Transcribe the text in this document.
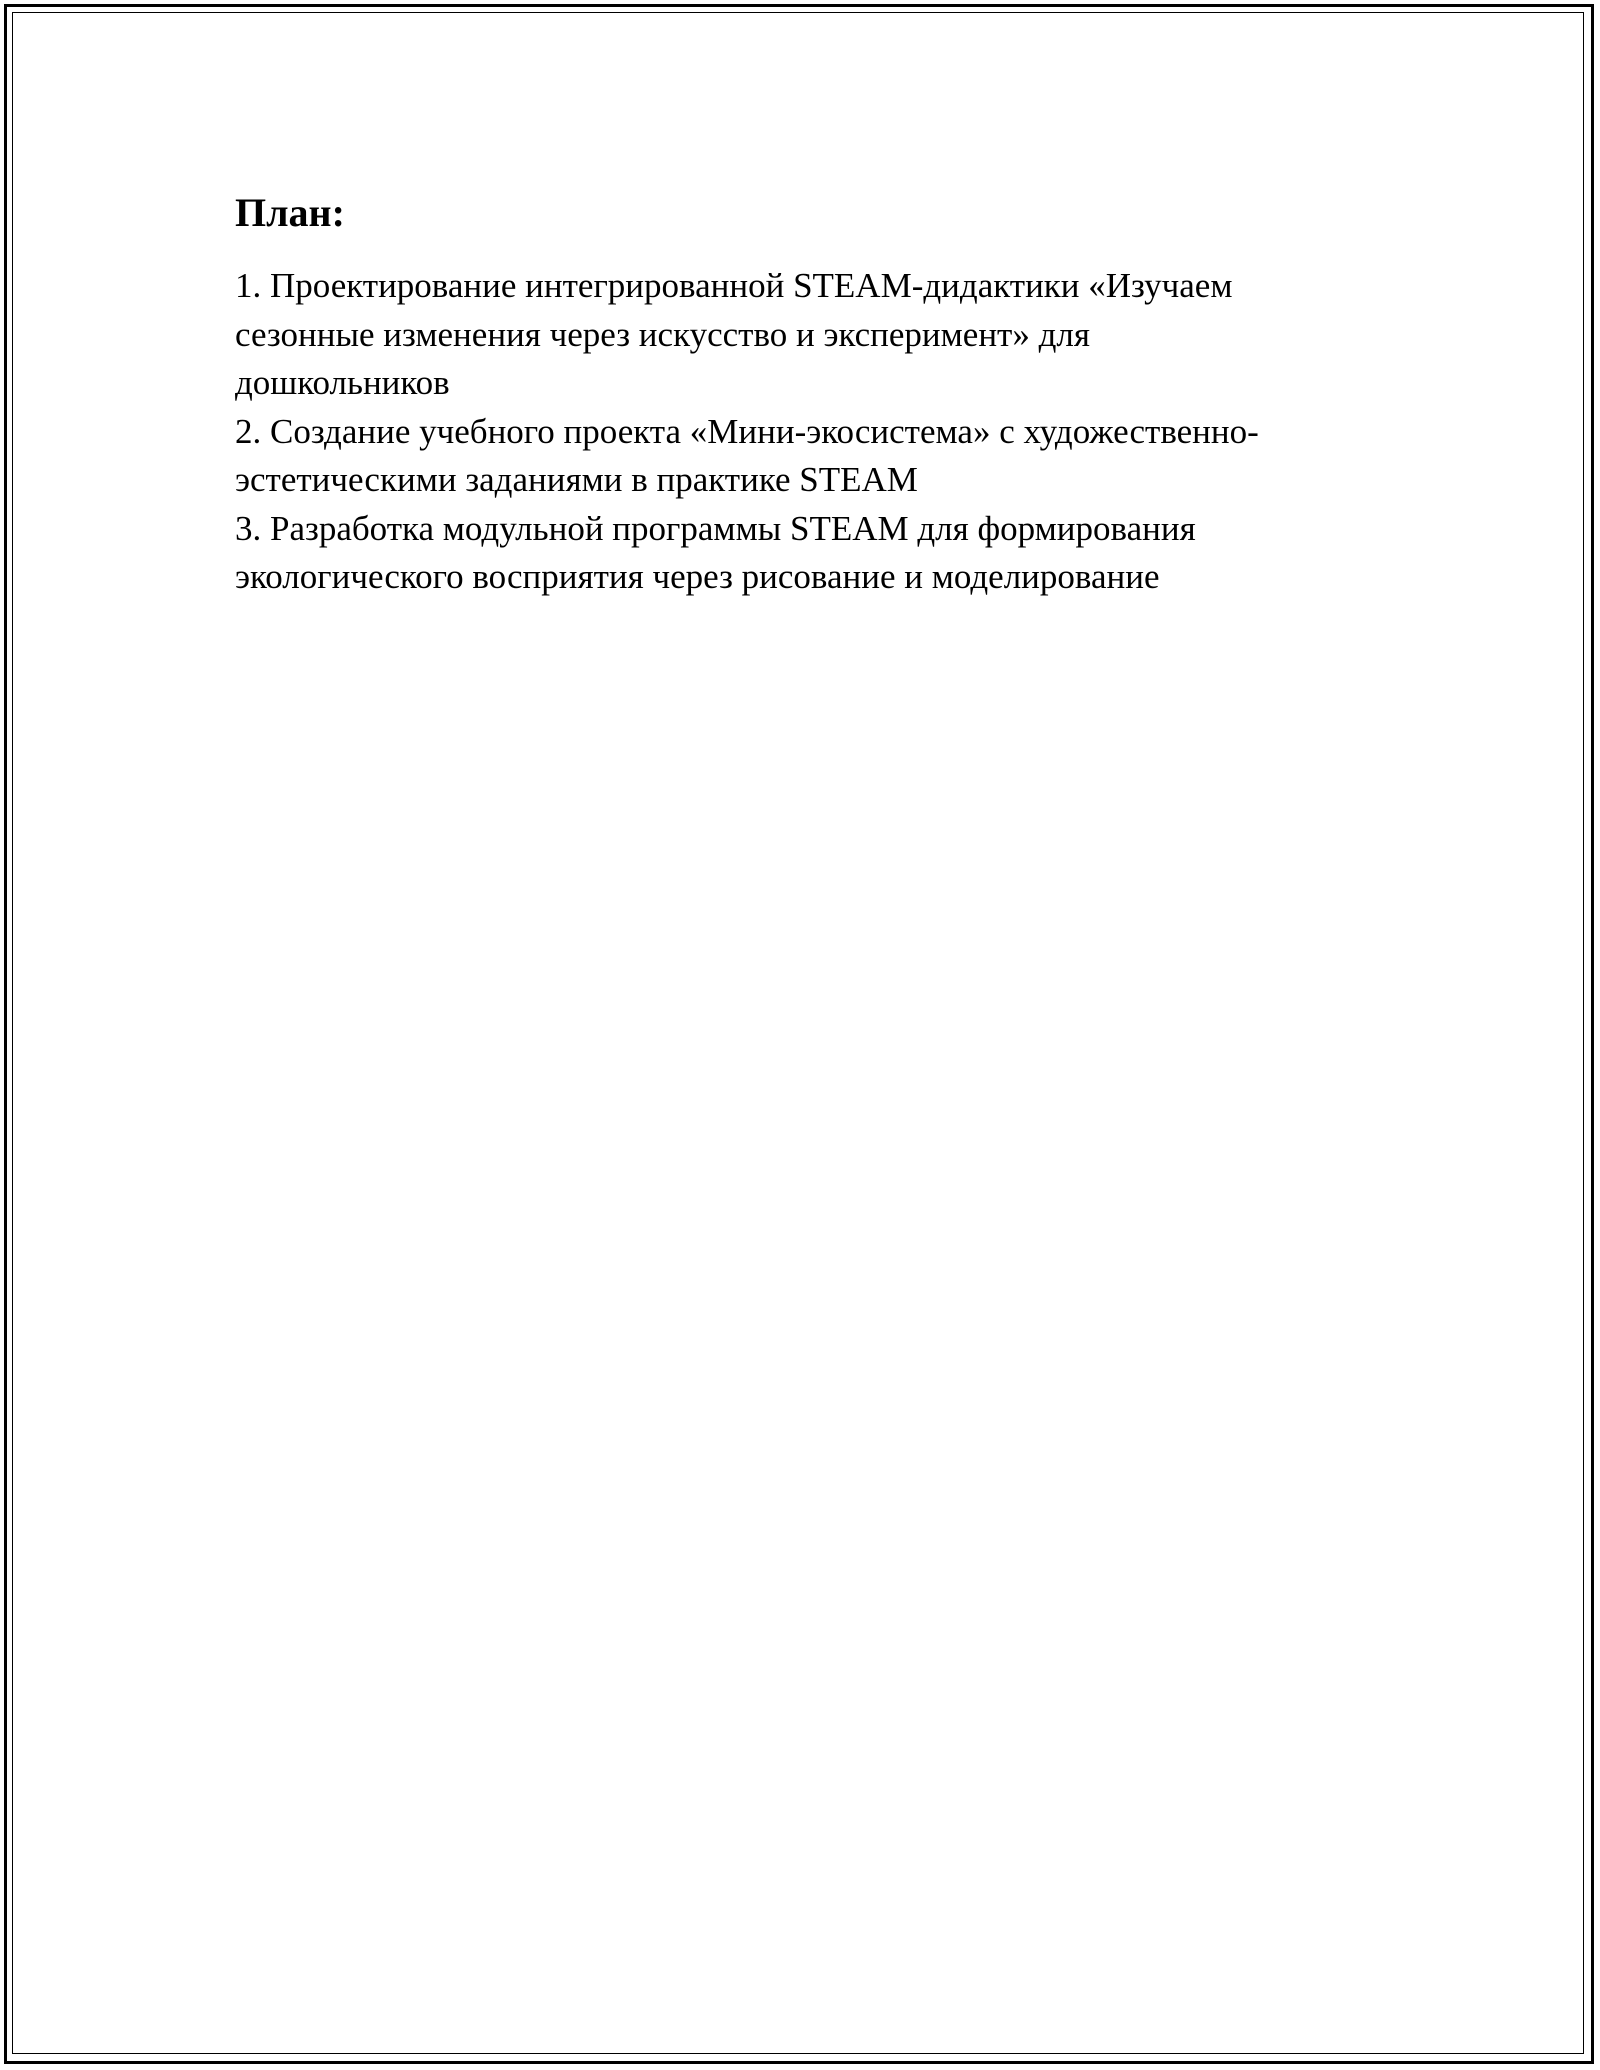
План:
1. Проектирование интегрированной STEAM-дидактики «Изучаем
сезонные изменения через искусство и эксперимент» для
дошкольников
2. Создание учебного проекта «Мини-экосистема» с художественно-
эстетическими заданиями в практике STEAM
3. Разработка модульной программы STEAM для формирования
экологического восприятия через рисование и моделирование
